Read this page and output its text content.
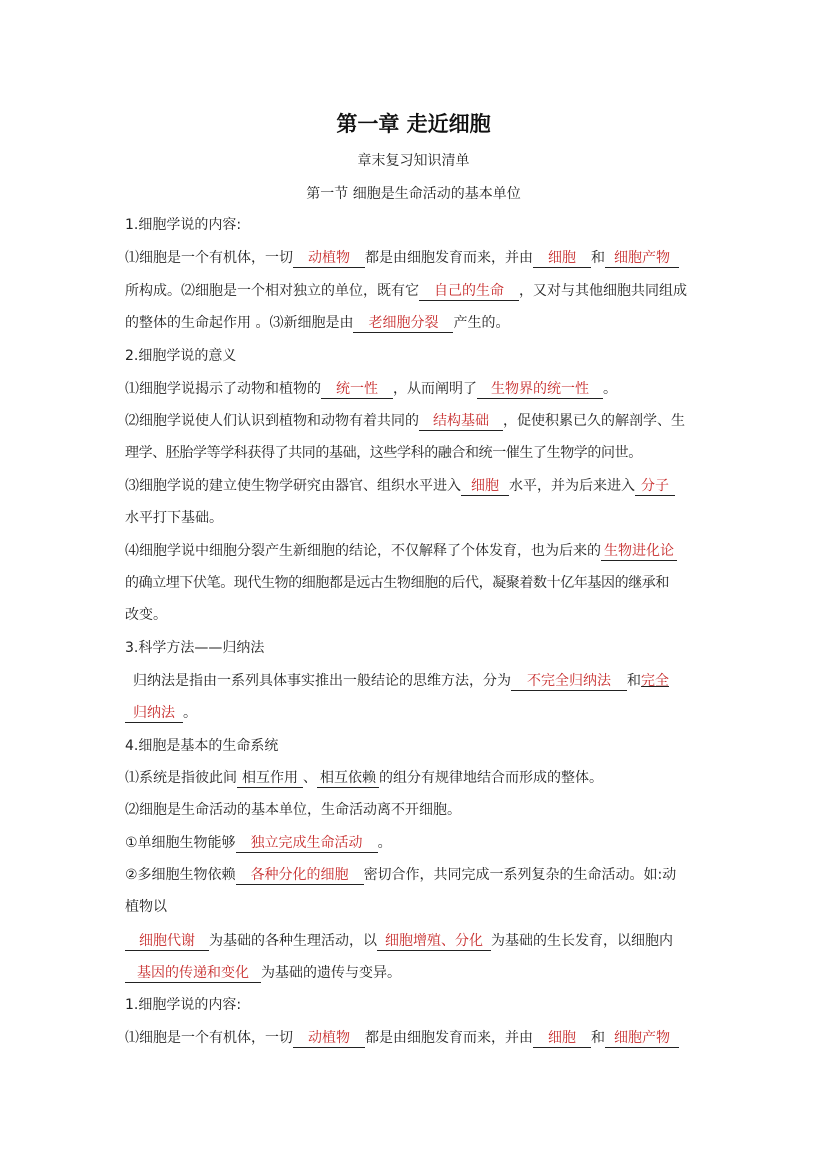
第一章 走近细胞
章末复习知识清单
第一节 细胞是生命活动的基本单位
1.细胞学说的内容:
⑴细胞是一个有机体，一切 动植物 都是由细胞发育而来，并由 细胞 和 细胞产物
所构成。⑵细胞是一个相对独立的单位，既有它 自己的生命 ，又对与其他细胞共同组成
的整体的生命起作用 。⑶新细胞是由 老细胞分裂 产生的。
2.细胞学说的意义
⑴细胞学说揭示了动物和植物的 统一性 ，从而阐明了 生物界的统一性 。
⑵细胞学说使人们认识到植物和动物有着共同的 结构基础 ，促使积累已久的解剖学、生
理学、胚胎学等学科获得了共同的基础，这些学科的融合和统一催生了生物学的问世。
⑶细胞学说的建立使生物学研究由器官、组织水平进入 细胞 水平，并为后来进入 分子
水平打下基础。
⑷细胞学说中细胞分裂产生新细胞的结论，不仅解释了个体发育，也为后来的 生物进化论
的确立埋下伏笔。现代生物的细胞都是远古生物细胞的后代，凝聚着数十亿年基因的继承和
改变。
3.科学方法——归纳法
归纳法是指由一系列具体事实推出一般结论的思维方法，分为 不完全归纳法 和完全
归纳法 。
4.细胞是基本的生命系统
⑴系统是指彼此间 相互作用 、 相互依赖 的组分有规律地结合而形成的整体。
⑵细胞是生命活动的基本单位，生命活动离不开细胞。
①单细胞生物能够 独立完成生命活动 。
②多细胞生物依赖 各种分化的细胞 密切合作，共同完成一系列复杂的生命活动。如:动
植物以
细胞代谢 为基础的各种生理活动，以 细胞增殖、分化 为基础的生长发育，以细胞内
基因的传递和变化 为基础的遗传与变异。
1.细胞学说的内容:
⑴细胞是一个有机体，一切 动植物 都是由细胞发育而来，并由 细胞 和 细胞产物
